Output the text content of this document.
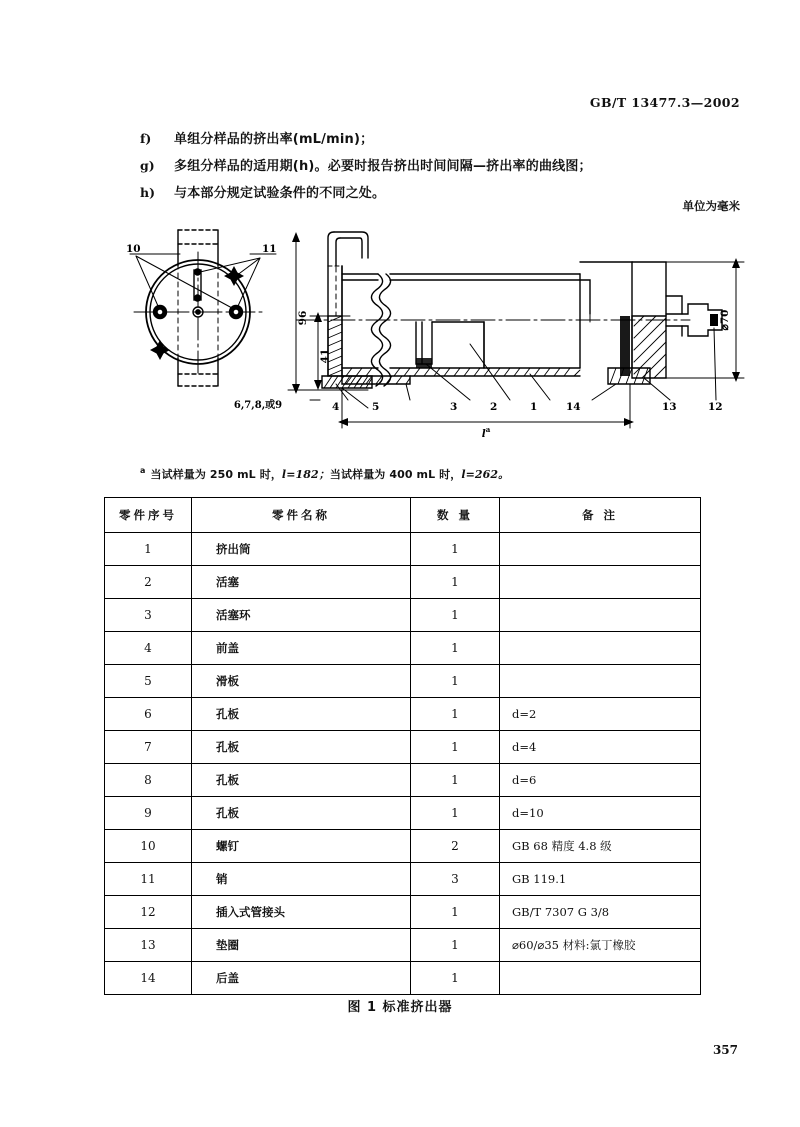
GB/T 13477.3—2002
f)	单组分样品的挤出率(mL/min)；
g)	多组分样品的适用期(h)。必要时报告挤出时间间隔—挤出率的曲线图；
h)	与本部分规定试验条件的不同之处。
单位为毫米
96
41
⌀70
$l^a$
10	11
6,7,8,或9	5
4	3	2	1	14	13	12
$^a$ 当试样量为 250 mL 时，l=182；当试样量为 400 mL 时，l=262。
零件序号	零件名称	数 量	备 注
1	挤出筒	1	
2	活塞	1	
3	活塞环	1	
4	前盖	1	
5	滑板	1	
6	孔板	1	d=2
7	孔板	1	d=4
8	孔板	1	d=6
9	孔板	1	d=10
10	螺钉	2	GB 68 精度 4.8 级
11	销	3	GB 119.1
12	插入式管接头	1	GB/T 7307 G 3/8
13	垫圈	1	⌀60/⌀35 材料:氯丁橡胶
14	后盖	1	
图 1 标准挤出器
357
